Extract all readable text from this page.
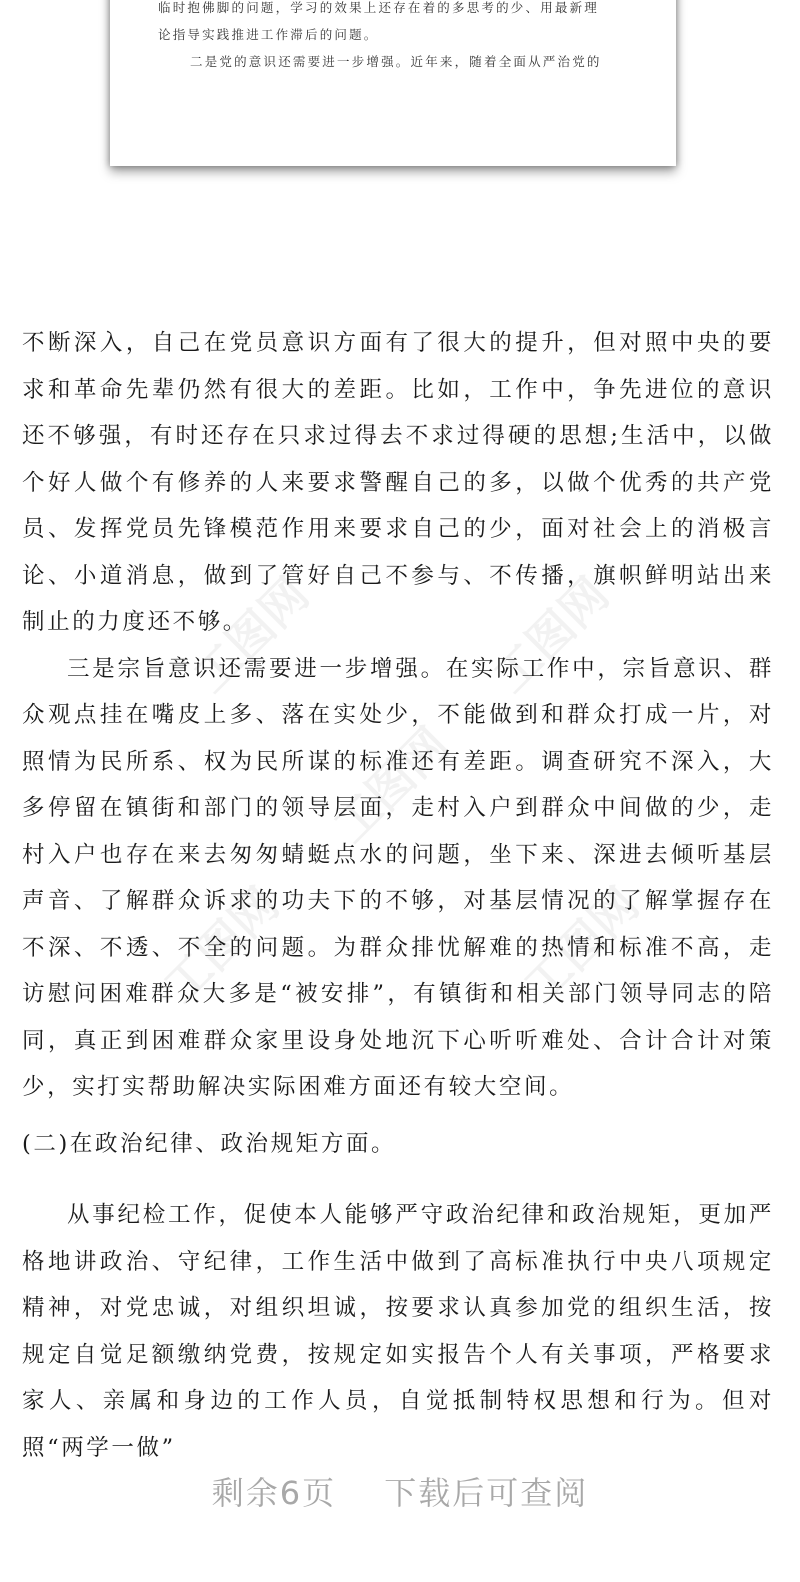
临时抱佛脚的问题，学习的效果上还存在着的多思考的少、用最新理
论指导实践推进工作滞后的问题。
二是党的意识还需要进一步增强。近年来，随着全面从严治党的
工图网	工图网
工图网
工图网	工图网

不断深入，自己在党员意识方面有了很大的提升，但对照中央的要求和革命先辈仍然有很大的差距。比如，工作中，争先进位的意识还不够强，有时还存在只求过得去不求过得硬的思想;生活中，以做个好人做个有修养的人来要求警醒自己的多，以做个优秀的共产党员、发挥党员先锋模范作用来要求自己的少，面对社会上的消极言论、小道消息，做到了管好自己不参与、不传播，旗帜鲜明站出来制止的力度还不够。

三是宗旨意识还需要进一步增强。在实际工作中，宗旨意识、群众观点挂在嘴皮上多、落在实处少，不能做到和群众打成一片，对照情为民所系、权为民所谋的标准还有差距。调查研究不深入，大多停留在镇街和部门的领导层面，走村入户到群众中间做的少，走村入户也存在来去匆匆蜻蜓点水的问题，坐下来、深进去倾听基层声音、了解群众诉求的功夫下的不够，对基层情况的了解掌握存在不深、不透、不全的问题。为群众排忧解难的热情和标准不高，走访慰问困难群众大多是“被安排”，有镇街和相关部门领导同志的陪同，真正到困难群众家里设身处地沉下心听听难处、合计合计对策少，实打实帮助解决实际困难方面还有较大空间。

(二)在政治纪律、政治规矩方面。

从事纪检工作，促使本人能够严守政治纪律和政治规矩，更加严格地讲政治、守纪律，工作生活中做到了高标准执行中央八项规定精神，对党忠诚，对组织坦诚，按要求认真参加党的组织生活，按规定自觉足额缴纳党费，按规定如实报告个人有关事项，严格要求家人、亲属和身边的工作人员，自觉抵制特权思想和行为。但对照“两学一做”

剩余6页 下载后可查阅
